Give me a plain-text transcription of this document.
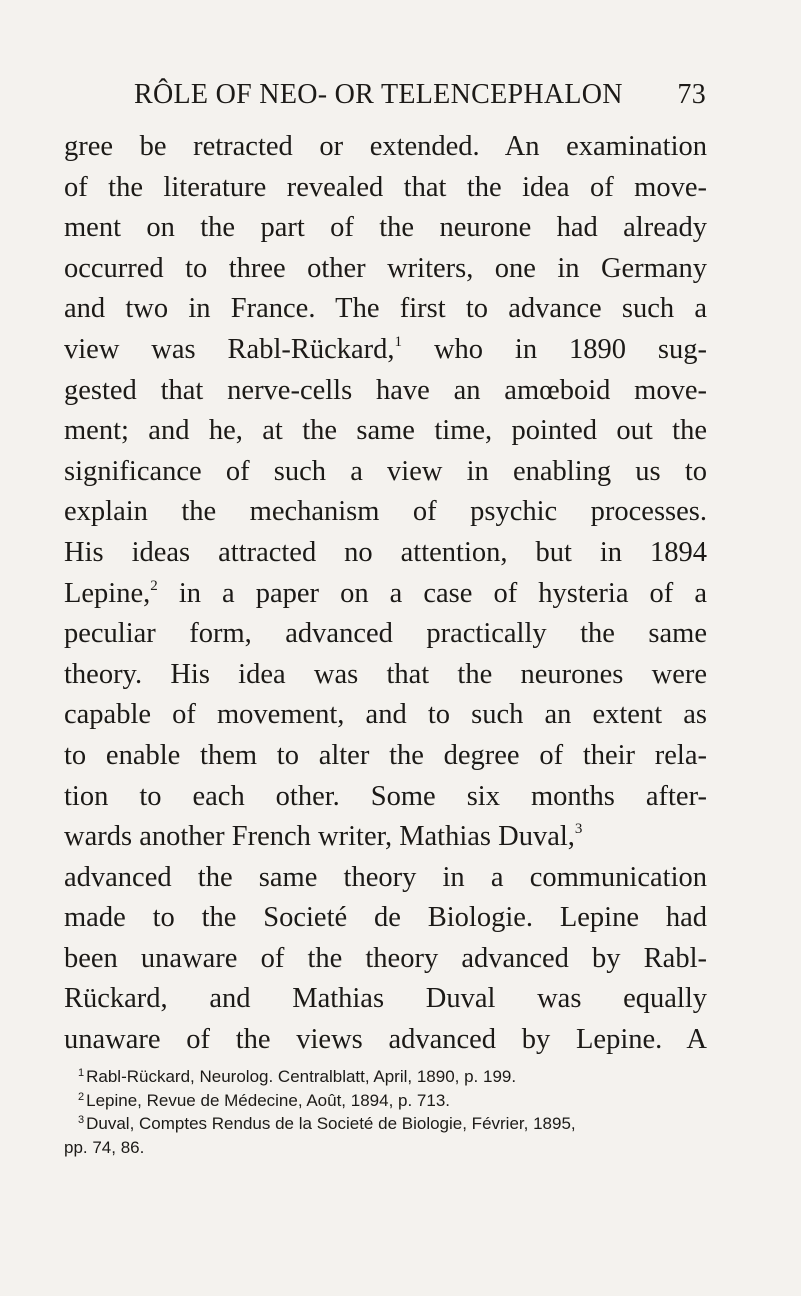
RÔLE OF NEO- OR TELENCEPHALON 73
gree be retracted or extended. An examination
of the literature revealed that the idea of move-
ment on the part of the neurone had already
occurred to three other writers, one in Germany
and two in France. The first to advance such a
view was Rabl-Rückard,$^1$ who in 1890 sug-
gested that nerve-cells have an amœboid move-
ment; and he, at the same time, pointed out the
significance of such a view in enabling us to
explain the mechanism of psychic processes.
His ideas attracted no attention, but in 1894
Lepine,$^2$ in a paper on a case of hysteria of a
peculiar form, advanced practically the same
theory. His idea was that the neurones were
capable of movement, and to such an extent as
to enable them to alter the degree of their rela-
tion to each other. Some six months after-
wards another French writer, Mathias Duval,$^3$
advanced the same theory in a communication
made to the Societé de Biologie. Lepine had
been unaware of the theory advanced by Rabl-
Rückard, and Mathias Duval was equally
unaware of the views advanced by Lepine. A
$^1$ Rabl-Rückard, Neurolog. Centralblatt, April, 1890, p. 199.
$^2$ Lepine, Revue de Médecine, Août, 1894, p. 713.
$^3$ Duval, Comptes Rendus de la Societé de Biologie, Février, 1895,
pp. 74, 86.
